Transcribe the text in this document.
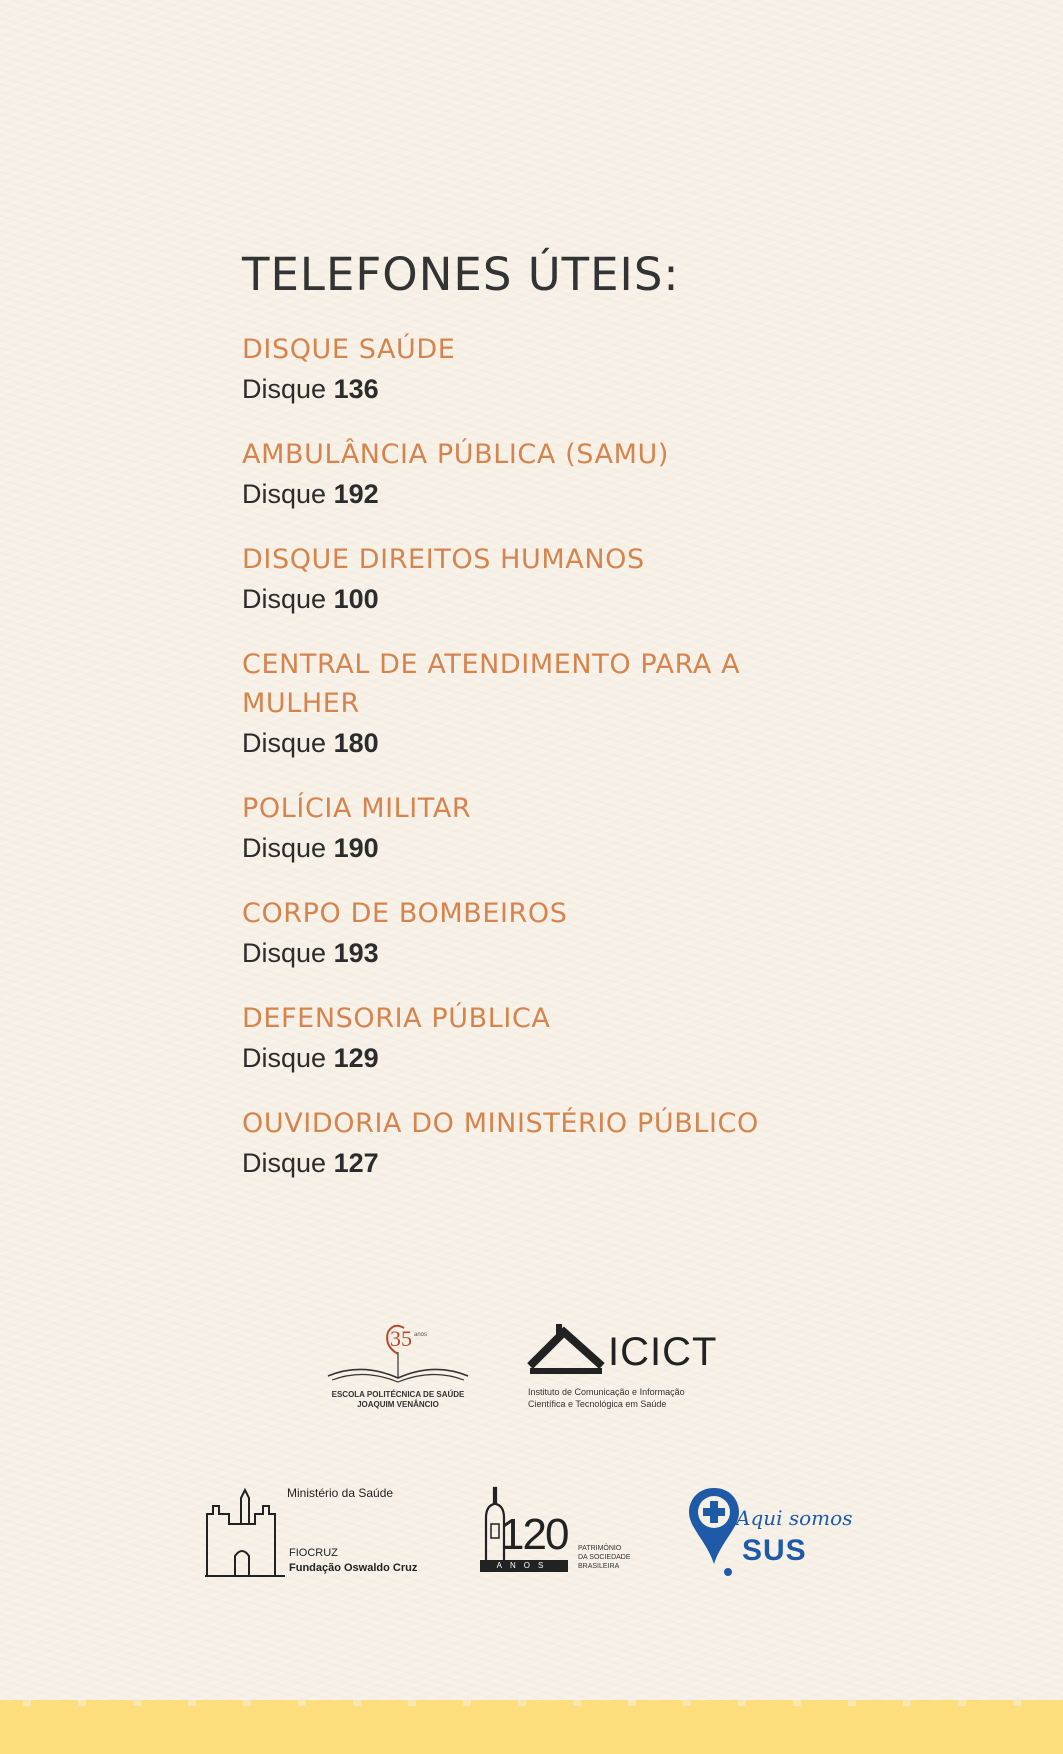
TELEFONES ÚTEIS:
DISQUE SAÚDE
Disque 136
AMBULÂNCIA PÚBLICA (SAMU)
Disque 192
DISQUE DIREITOS HUMANOS
Disque 100
CENTRAL DE ATENDIMENTO PARA A MULHER
Disque 180
POLÍCIA MILITAR
Disque 190
CORPO DE BOMBEIROS
Disque 193
DEFENSORIA PÚBLICA
Disque 129
OUVIDORIA DO MINISTÉRIO PÚBLICO
Disque 127
35 anos
ESCOLA POLITÉCNICA DE SAÚDE
JOAQUIM VENÂNCIO
ICICT
Instituto de Comunicação e Informação
Científica e Tecnológica em Saúde
Ministério da Saúde
FIOCRUZ
Fundação Oswaldo Cruz
120
ANOS
PATRIMÔNIO
DA SOCIEDADE
BRASILEIRA
Aqui somos
SUS
